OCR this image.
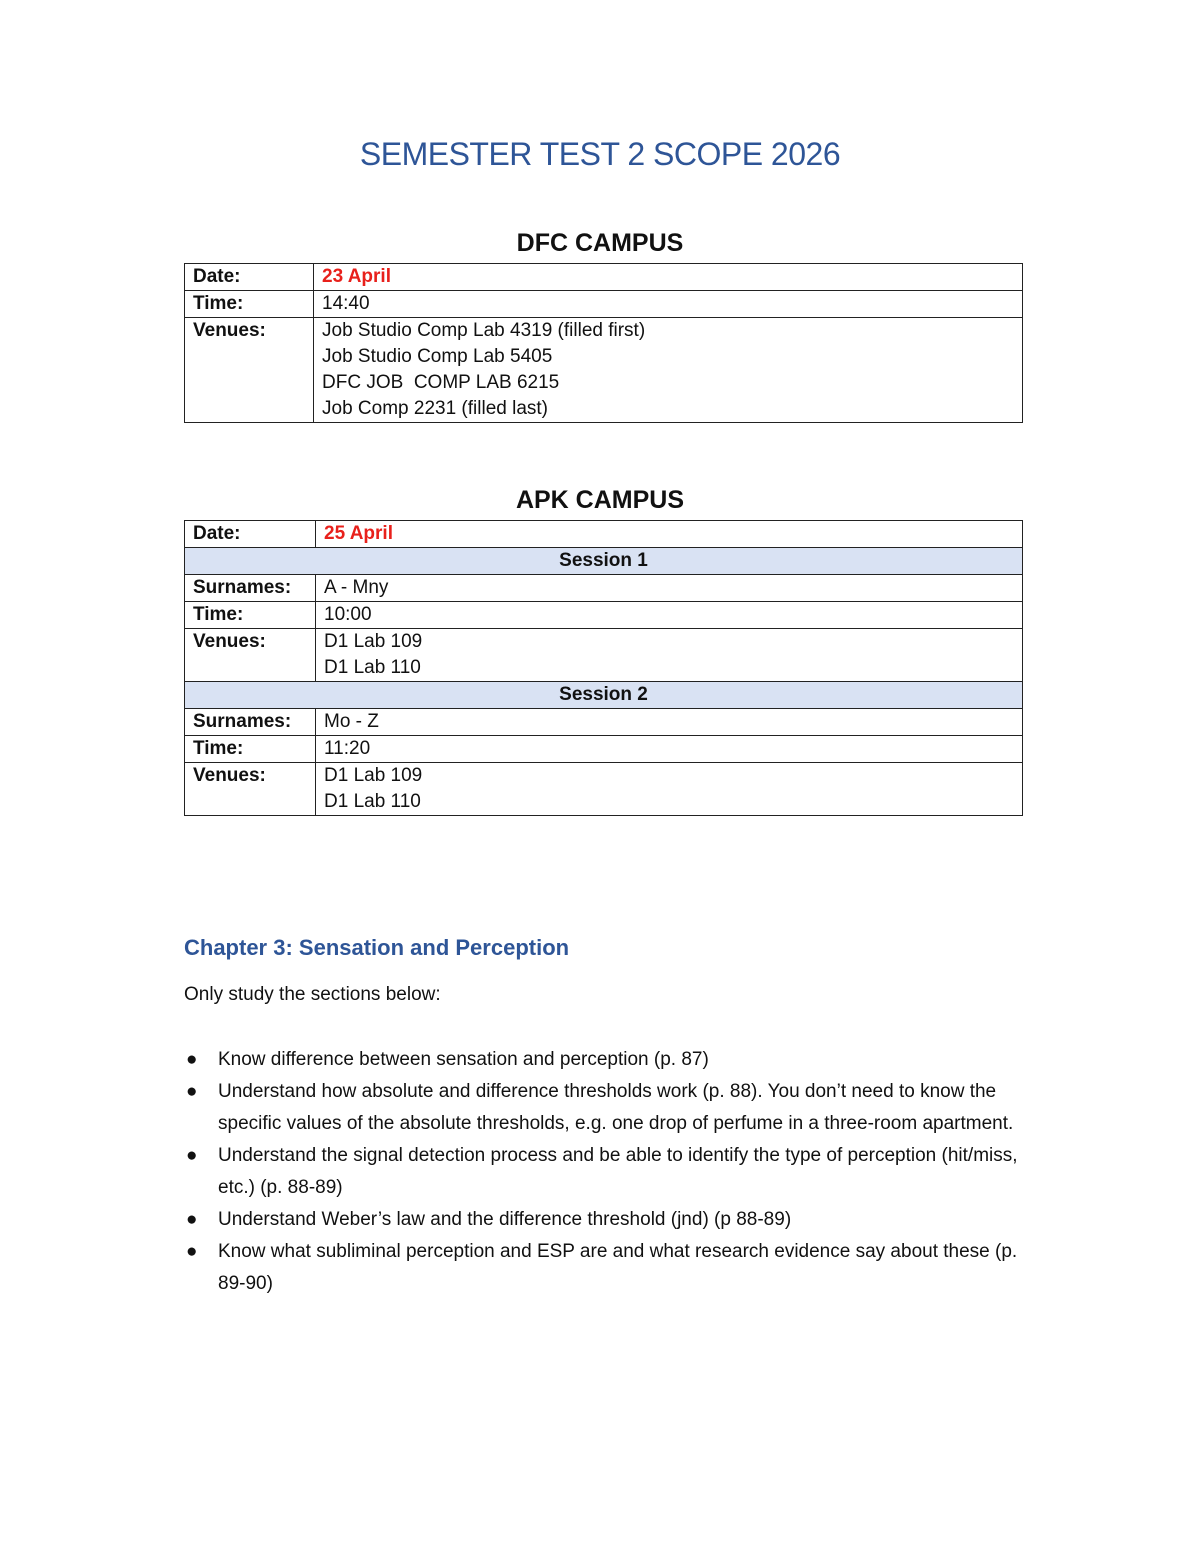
SEMESTER TEST 2 SCOPE 2026
DFC CAMPUS
Date:	23 April
Time:	14:40
Venues:	Job Studio Comp Lab 4319 (filled first)
Job Studio Comp Lab 5405
DFC JOB  COMP LAB 6215
Job Comp 2231 (filled last)
APK CAMPUS
Date:	25 April
Session 1	
Surnames:	A - Mny
Time:	10:00
Venues:	D1 Lab 109
D1 Lab 110

Session 2	
Surnames:	Mo - Z
Time:	11:20
Venues:	D1 Lab 109
D1 Lab 110
Chapter 3: Sensation and Perception
Only study the sections below:
● Know difference between sensation and perception (p. 87)
● Understand how absolute and difference thresholds work (p. 88). You don’t need to know the specific values of the absolute thresholds, e.g. one drop of perfume in a three-room apartment.
● Understand the signal detection process and be able to identify the type of perception (hit/miss, etc.) (p. 88-89)
● Understand Weber’s law and the difference threshold (jnd) (p 88-89)
● Know what subliminal perception and ESP are and what research evidence say about these (p. 89-90)
